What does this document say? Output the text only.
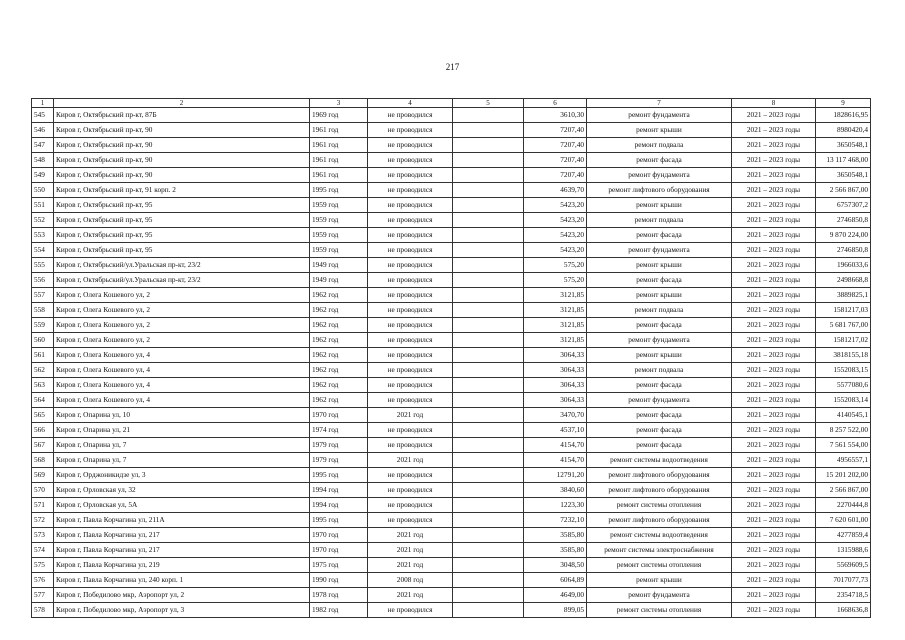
217
1	2	3	4	5	6	7	8	9
545	Киров г, Октябрьский пр-кт, 87Б	1969 год	не проводился		3610,30	ремонт фундамента	2021 – 2023 годы	1828616,95
546	Киров г, Октябрьский пр-кт, 90	1961 год	не проводился		7207,40	ремонт крыши	2021 – 2023 годы	8980420,4
547	Киров г, Октябрьский пр-кт, 90	1961 год	не проводился		7207,40	ремонт подвала	2021 – 2023 годы	3650548,1
548	Киров г, Октябрьский пр-кт, 90	1961 год	не проводился		7207,40	ремонт фасада	2021 – 2023 годы	13 117 468,00
549	Киров г, Октябрьский пр-кт, 90	1961 год	не проводился		7207,40	ремонт фундамента	2021 – 2023 годы	3650548,1
550	Киров г, Октябрьский пр-кт, 91 корп. 2	1995 год	не проводился		4639,70	ремонт лифтового оборудования	2021 – 2023 годы	2 566 867,00
551	Киров г, Октябрьский пр-кт, 95	1959 год	не проводился		5423,20	ремонт крыши	2021 – 2023 годы	6757307,2
552	Киров г, Октябрьский пр-кт, 95	1959 год	не проводился		5423,20	ремонт подвала	2021 – 2023 годы	2746850,8
553	Киров г, Октябрьский пр-кт, 95	1959 год	не проводился		5423,20	ремонт фасада	2021 – 2023 годы	9 870 224,00
554	Киров г, Октябрьский пр-кт, 95	1959 год	не проводился		5423,20	ремонт фундамента	2021 – 2023 годы	2746850,8
555	Киров г, Октябрьский/ул.Уральская пр-кт, 23/2	1949 год	не проводился		575,20	ремонт крыши	2021 – 2023 годы	1966033,6
556	Киров г, Октябрьский/ул.Уральская пр-кт, 23/2	1949 год	не проводился		575,20	ремонт фасада	2021 – 2023 годы	2498668,8
557	Киров г, Олега Кошевого ул, 2	1962 год	не проводился		3121,85	ремонт крыши	2021 – 2023 годы	3889825,1
558	Киров г, Олега Кошевого ул, 2	1962 год	не проводился		3121,85	ремонт подвала	2021 – 2023 годы	1581217,03
559	Киров г, Олега Кошевого ул, 2	1962 год	не проводился		3121,85	ремонт фасада	2021 – 2023 годы	5 681 767,00
560	Киров г, Олега Кошевого ул, 2	1962 год	не проводился		3121,85	ремонт фундамента	2021 – 2023 годы	1581217,02
561	Киров г, Олега Кошевого ул, 4	1962 год	не проводился		3064,33	ремонт крыши	2021 – 2023 годы	3818155,18
562	Киров г, Олега Кошевого ул, 4	1962 год	не проводился		3064,33	ремонт подвала	2021 – 2023 годы	1552083,15
563	Киров г, Олега Кошевого ул, 4	1962 год	не проводился		3064,33	ремонт фасада	2021 – 2023 годы	5577080,6
564	Киров г, Олега Кошевого ул, 4	1962 год	не проводился		3064,33	ремонт фундамента	2021 – 2023 годы	1552083,14
565	Киров г, Опарина ул, 10	1970 год	2021 год		3470,70	ремонт фасада	2021 – 2023 годы	4140545,1
566	Киров г, Опарина ул, 21	1974 год	не проводился		4537,10	ремонт фасада	2021 – 2023 годы	8 257 522,00
567	Киров г, Опарина ул, 7	1979 год	не проводился		4154,70	ремонт фасада	2021 – 2023 годы	7 561 554,00
568	Киров г, Опарина ул, 7	1979 год	2021 год		4154,70	ремонт системы водоотведения	2021 – 2023 годы	4956557,1
569	Киров г, Орджоникидзе ул, 3	1995 год	не проводился		12791,20	ремонт лифтового оборудования	2021 – 2023 годы	15 201 202,00
570	Киров г, Орловская ул, 32	1994 год	не проводился		3840,60	ремонт лифтового оборудования	2021 – 2023 годы	2 566 867,00
571	Киров г, Орловская ул, 5А	1994 год	не проводился		1223,30	ремонт системы отопления	2021 – 2023 годы	2270444,8
572	Киров г, Павла Корчагина ул, 211А	1995 год	не проводился		7232,10	ремонт лифтового оборудования	2021 – 2023 годы	7 620 601,00
573	Киров г, Павла Корчагина ул, 217	1970 год	2021 год		3585,80	ремонт системы водоотведения	2021 – 2023 годы	4277859,4
574	Киров г, Павла Корчагина ул, 217	1970 год	2021 год		3585,80	ремонт системы электроснабжения	2021 – 2023 годы	1315988,6
575	Киров г, Павла Корчагина ул, 219	1975 год	2021 год		3048,50	ремонт системы отопления	2021 – 2023 годы	5569609,5
576	Киров г, Павла Корчагина ул, 240 корп. 1	1990 год	2008 год		6064,89	ремонт крыши	2021 – 2023 годы	7017077,73
577	Киров г, Победилово мкр, Аэропорт ул, 2	1978 год	2021 год		4649,00	ремонт фундамента	2021 – 2023 годы	2354718,5
578	Киров г, Победилово мкр, Аэропорт ул, 3	1982 год	не проводился		899,05	ремонт системы отопления	2021 – 2023 годы	1668636,8
